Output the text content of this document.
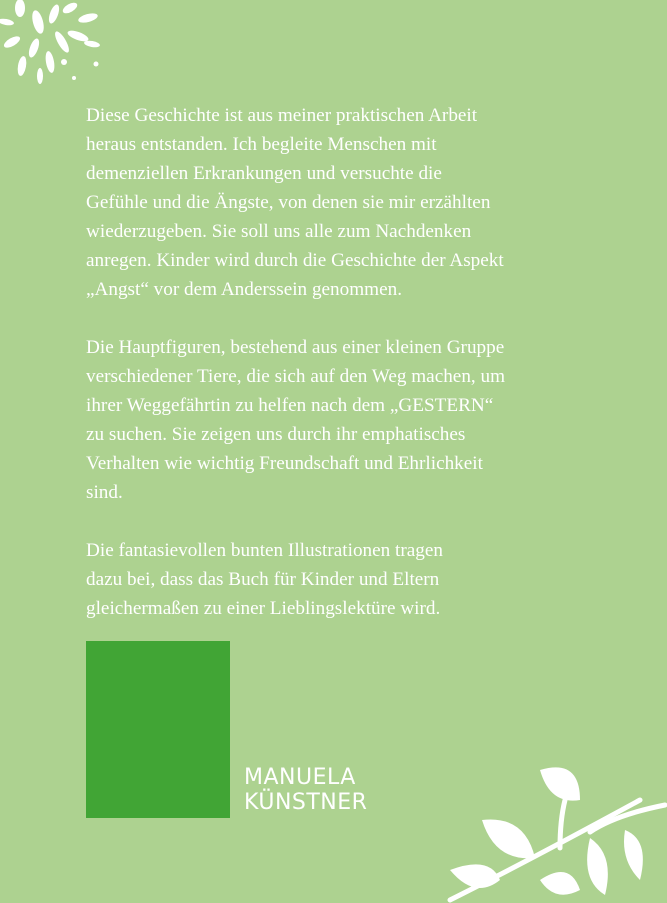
Diese Geschichte ist aus meiner praktischen Arbeit
heraus entstanden. Ich begleite Menschen mit
demenziellen Erkrankungen und versuchte die
Gefühle und die Ängste, von denen sie mir erzählten
wiederzugeben. Sie soll uns alle zum Nachdenken
anregen. Kinder wird durch die Geschichte der Aspekt
„Angst“ vor dem Anderssein genommen.

Die Hauptfiguren, bestehend aus einer kleinen Gruppe
verschiedener Tiere, die sich auf den Weg machen, um
ihrer Weggefährtin zu helfen nach dem „GESTERN“
zu suchen. Sie zeigen uns durch ihr emphatisches
Verhalten wie wichtig Freundschaft und Ehrlichkeit
sind.

Die fantasievollen bunten Illustrationen tragen
dazu bei, dass das Buch für Kinder und Eltern
gleichermaßen zu einer Lieblingslektüre wird.

MANUELA
KÜNSTNER
